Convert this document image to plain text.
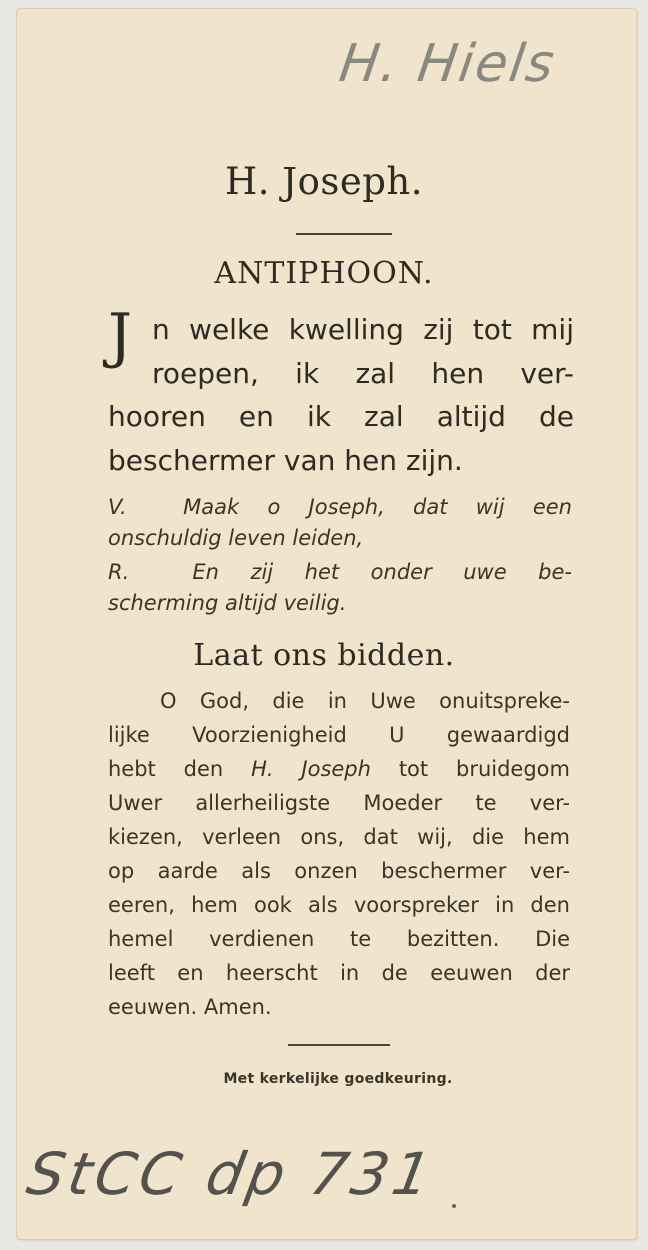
H. Hiels
H. Joseph.
ANTIPHOON.
J n welke kwelling zij tot mij
roepen, ik zal hen ver-
hooren en ik zal altijd de
beschermer van hen zijn.
V.	Maak o Joseph, dat wij een
onschuldig leven leiden,
R.	En zij het onder uwe be-
scherming altijd veilig.
Laat ons bidden.
O God, die in Uwe onuitspreke-
lijke Voorzienigheid U gewaardigd
hebt den H. Joseph tot bruidegom
Uwer allerheiligste Moeder te ver-
kiezen, verleen ons, dat wij, die hem
op aarde als onzen beschermer ver-
eeren, hem ook als voorspreker in den
hemel verdienen te bezitten. Die
leeft en heerscht in de eeuwen der
eeuwen. Amen.
Met kerkelijke goedkeuring.
StCC dp 731
